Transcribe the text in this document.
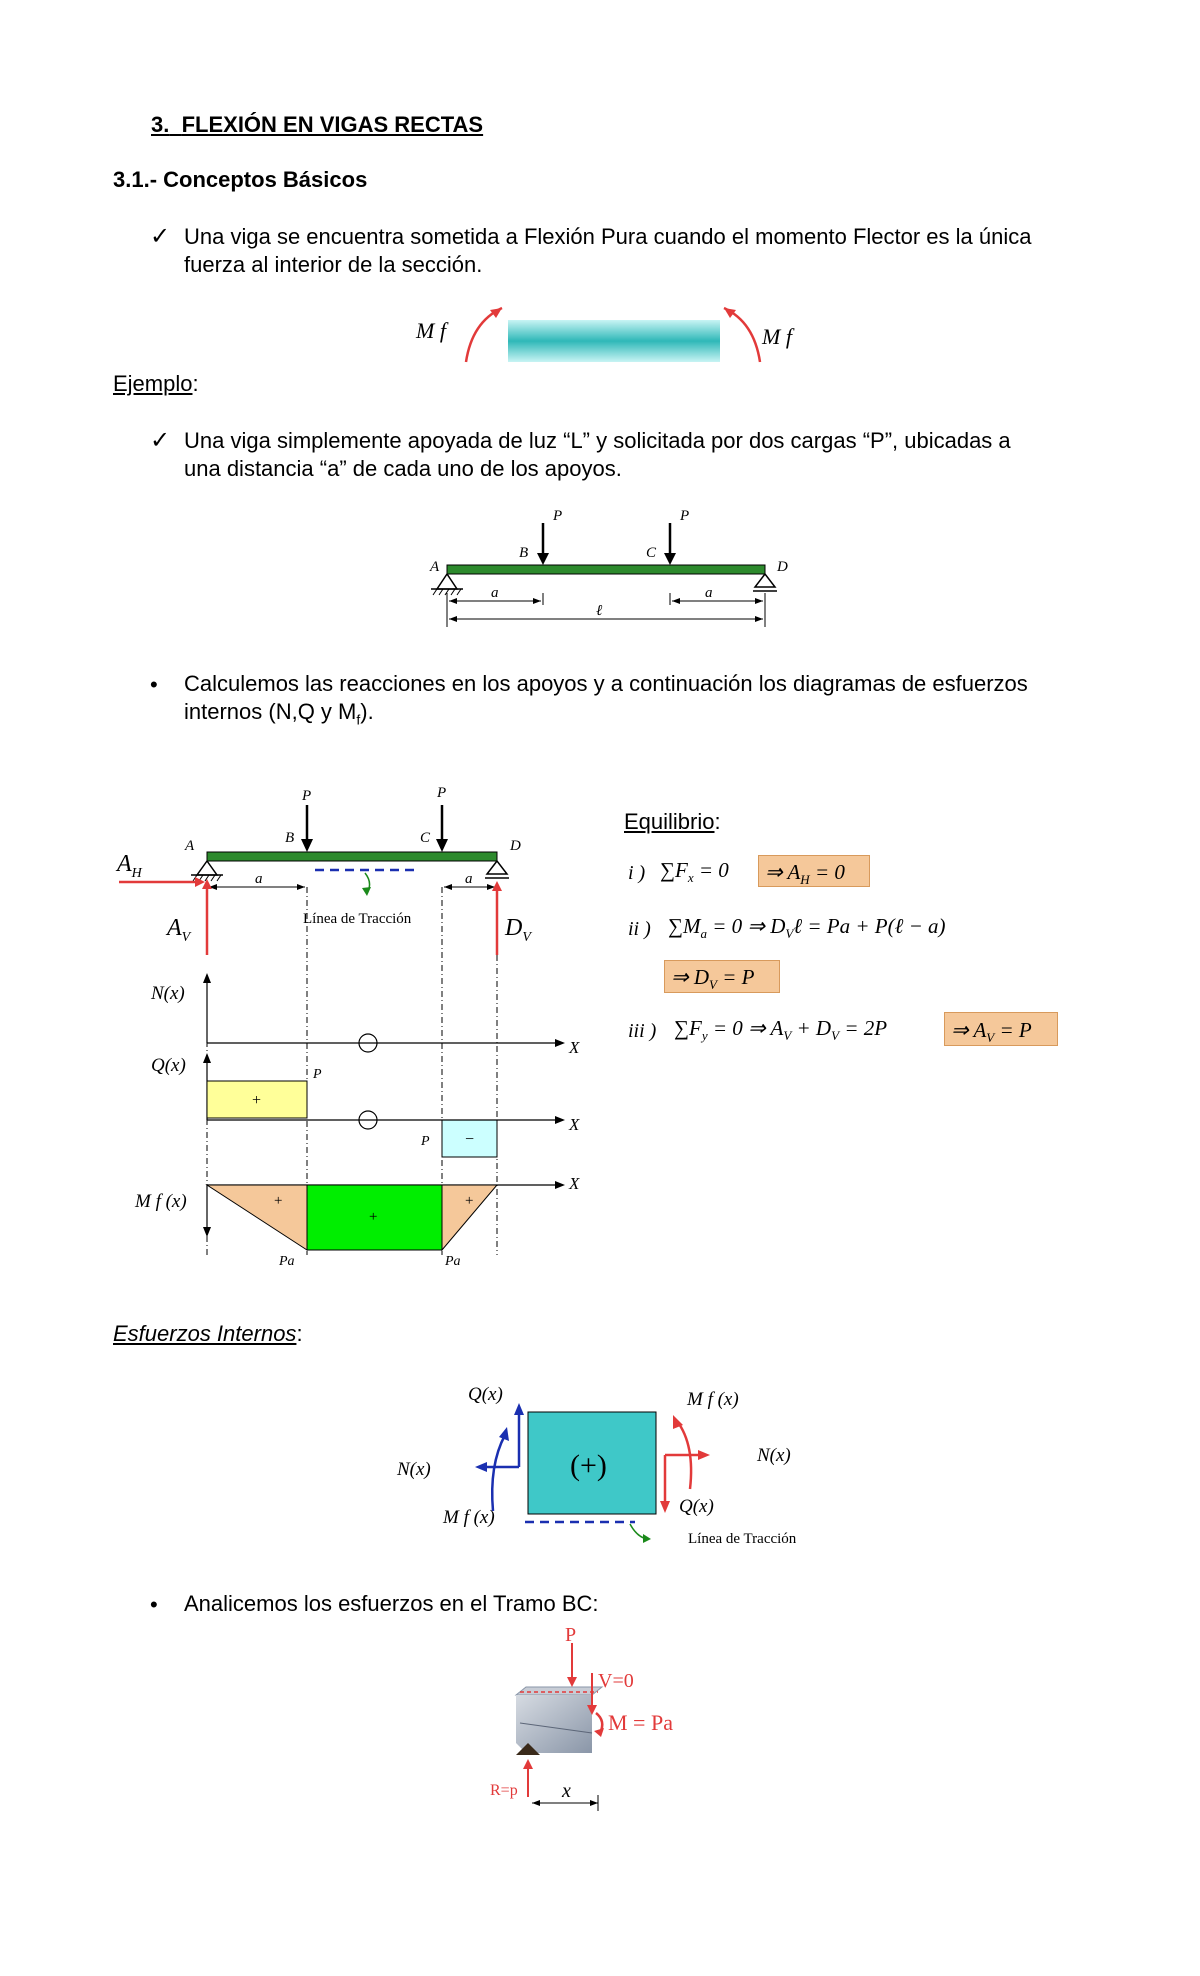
3. FLEXIÓN EN VIGAS RECTAS
3.1.- Conceptos Básicos
✓ Una viga se encuentra sometida a Flexión Pura cuando el momento Flector es la única
fuerza al interior de la sección.
M f	M f
Ejemplo:
✓ Una viga simplemente apoyada de luz “L” y solicitada por dos cargas “P”, ubicadas a
una distancia “a” de cada uno de los apoyos.
P	P
A
B	C
D
a	a
ℓ
• Calculemos las reacciones en los apoyos y a continuación los diagramas de esfuerzos
internos (N,Q y $M_f$).
P	P
A	B	C	D
Línea de Tracción
a	a
$A_H$
$A_V$	$D_V$
N(x)
X
Q(x)
X
+
−
P
P
M f (x)
X
+
+
+
Pa	Pa
Equilibrio:
i ) $\sum F_x = 0$	⇒ $A_H = 0$
ii ) $\sum M_a = 0$ ⇒ $D_V\ell = Pa$ + P(ℓ − a)
⇒ $D_V = P$
iii ) $\sum F_y = 0$ ⇒ $A_V + D_V = 2P$	⇒ $A_V = P$
Esfuerzos Internos:
(+)
Línea de Tracción
Q(x)
N(x)
M f (x)
M f (x)
N(x)
Q(x)
• Analicemos los esfuerzos en el Tramo BC:
P
V=0
M = Pa
R=p x
